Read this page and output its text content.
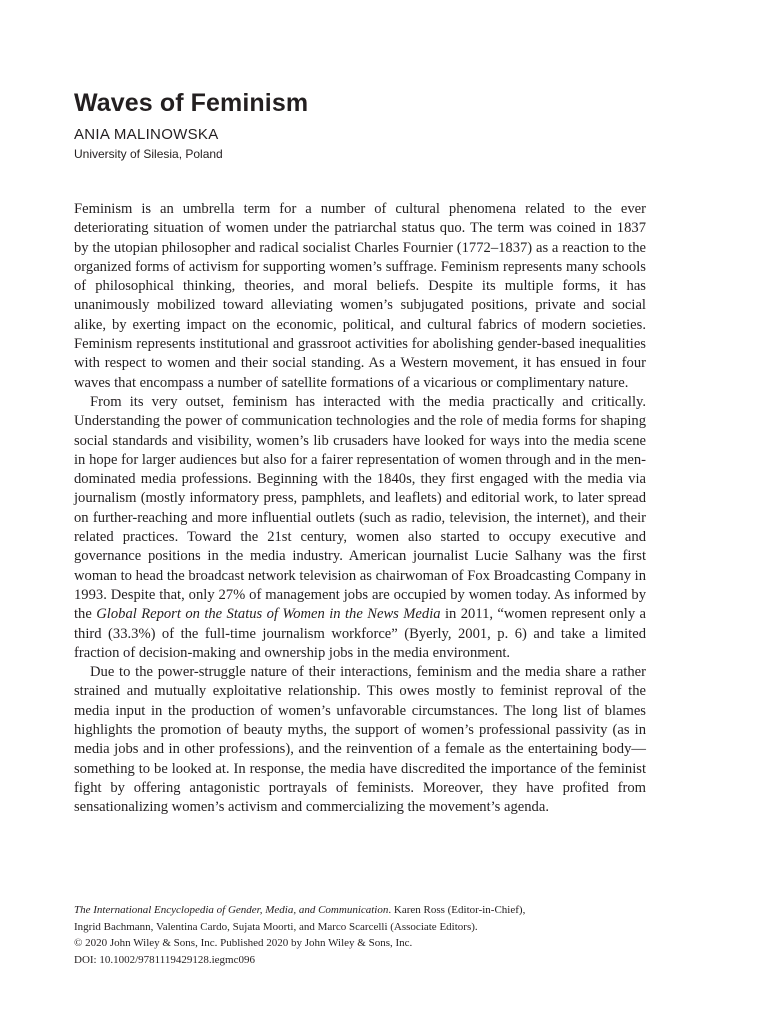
Waves of Feminism
ANIA MALINOWSKA
University of Silesia, Poland

Feminism is an umbrella term for a number of cultural phenomena related to the ever deteriorating situation of women under the patriarchal status quo. The term was coined in 1837 by the utopian philosopher and radical socialist Charles Fournier (1772–1837) as a reaction to the organized forms of activism for supporting women’s suffrage. Feminism represents many schools of philosophical thinking, theories, and moral beliefs. Despite its multiple forms, it has unanimously mobilized toward alleviating women’s subjugated positions, private and social alike, by exerting impact on the economic, political, and cultural fabrics of modern societies. Feminism represents institutional and grassroot activities for abolishing gender-based inequalities with respect to women and their social standing. As a Western movement, it has ensued in four waves that encompass a number of satellite formations of a vicarious or complimentary nature.

From its very outset, feminism has interacted with the media practically and critically. Understanding the power of communication technologies and the role of media forms for shaping social standards and visibility, women’s lib crusaders have looked for ways into the media scene in hope for larger audiences but also for a fairer representation of women through and in the men-dominated media professions. Beginning with the 1840s, they first engaged with the media via journalism (mostly informatory press, pamphlets, and leaflets) and editorial work, to later spread on further-reaching and more influential outlets (such as radio, television, the internet), and their related practices. Toward the 21st century, women also started to occupy executive and governance positions in the media industry. American journalist Lucie Salhany was the first woman to head the broadcast network television as chairwoman of Fox Broadcasting Company in 1993. Despite that, only 27% of management jobs are occupied by women today. As informed by the Global Report on the Status of Women in the News Media in 2011, “women represent only a third (33.3%) of the full-time journalism workforce” (Byerly, 2001, p. 6) and take a limited fraction of decision-making and ownership jobs in the media environment.

Due to the power-struggle nature of their interactions, feminism and the media share a rather strained and mutually exploitative relationship. This owes mostly to feminist reproval of the media input in the production of women’s unfavorable circumstances. The long list of blames highlights the promotion of beauty myths, the support of women’s professional passivity (as in media jobs and in other professions), and the reinvention of a female as the entertaining body—something to be looked at. In response, the media have discredited the importance of the feminist fight by offering antagonistic portrayals of feminists. Moreover, they have profited from sensationalizing women’s activism and commercializing the movement’s agenda.

The International Encyclopedia of Gender, Media, and Communication. Karen Ross (Editor-in-Chief),
Ingrid Bachmann, Valentina Cardo, Sujata Moorti, and Marco Scarcelli (Associate Editors).
© 2020 John Wiley & Sons, Inc. Published 2020 by John Wiley & Sons, Inc.
DOI: 10.1002/9781119429128.iegmc096
